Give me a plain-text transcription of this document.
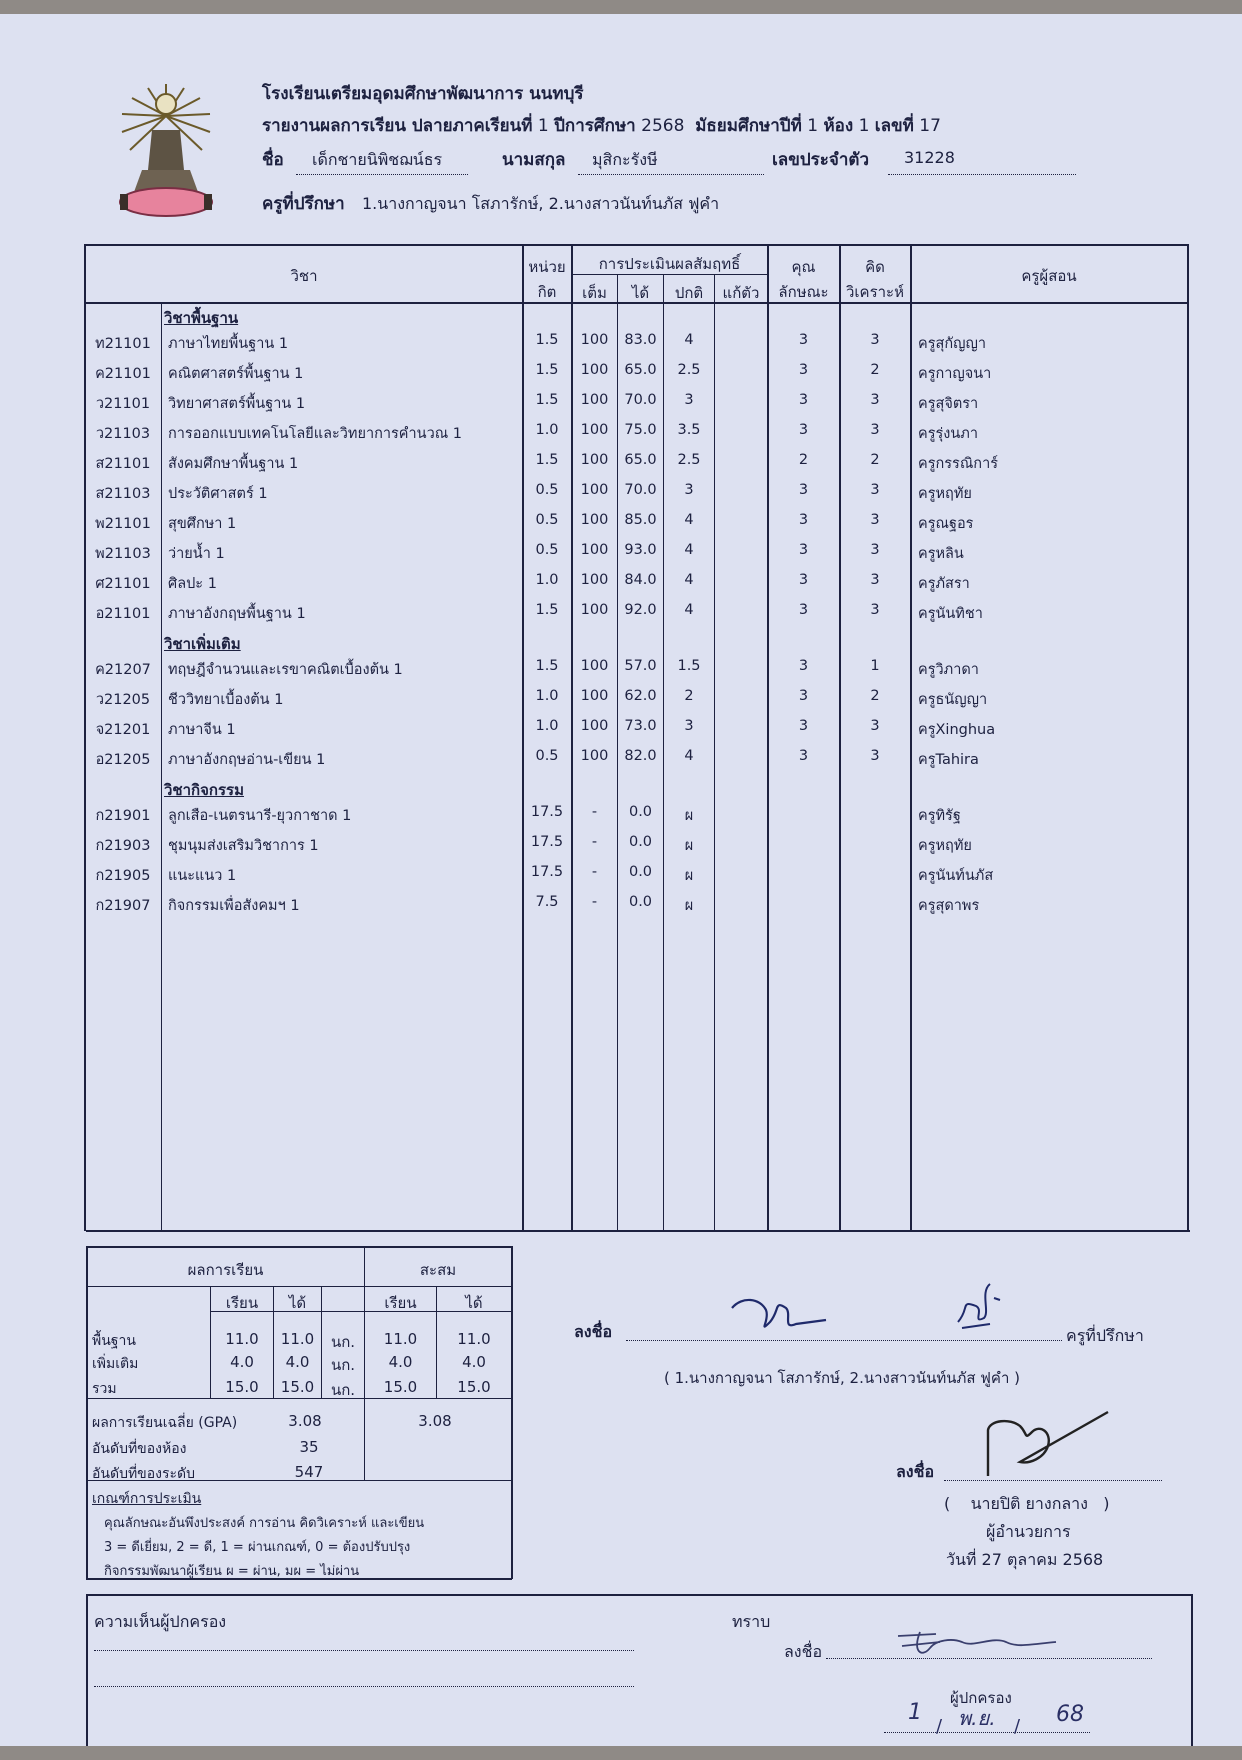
โรงเรียนเตรียมอุดมศึกษาพัฒนาการ นนทบุรี
รายงานผลการเรียน ปลายภาคเรียนที่ 1 ปีการศึกษา 2568 มัธยมศึกษาปีที่ 1 ห้อง 1 เลขที่ 17
ชื่อ เด็กชายนิพิชฌน์ธร	นามสกุล มุสิกะรังษี	เลขประจำตัว 31228
ครูที่ปรึกษา 1.นางกาญจนา โสภารักษ์, 2.นางสาวนันท์นภัส ฟูคำ
วิชา	หน่วย
กิต
การประเมินผลสัมฤทธิ์
เต็ม	ได้	ปกติ	แก้ตัว
คุณ
ลักษณะ
คิด
วิเคราะห์
ครูผู้สอน
วิชาพื้นฐาน
ท21101	ภาษาไทยพื้นฐาน 1	1.5	100	83.0	4	3	3	ครูสุกัญญา
ค21101	คณิตศาสตร์พื้นฐาน 1	1.5	100	65.0	2.5	3	2	ครูกาญจนา
ว21101	วิทยาศาสตร์พื้นฐาน 1	1.5	100	70.0	3	3	3	ครูสุจิตรา
ว21103	การออกแบบเทคโนโลยีและวิทยาการคำนวณ 1	1.0	100	75.0	3.5	3	3	ครูรุ่งนภา
ส21101	สังคมศึกษาพื้นฐาน 1	1.5	100	65.0	2.5	2	2	ครูกรรณิการ์
ส21103	ประวัติศาสตร์ 1	0.5	100	70.0	3	3	3	ครูหฤทัย
พ21101	สุขศึกษา 1	0.5	100	85.0	4	3	3	ครูณฐอร
พ21103	ว่ายน้ำ 1	0.5	100	93.0	4	3	3	ครูหลิน
ศ21101	ศิลปะ 1	1.0	100	84.0	4	3	3	ครูภัสรา
อ21101	ภาษาอังกฤษพื้นฐาน 1	1.5	100	92.0	4	3	3	ครูนันทิชา
วิชาเพิ่มเติม
ค21207	ทฤษฎีจำนวนและเรขาคณิตเบื้องต้น 1	1.5	100	57.0	1.5	3	1	ครูวิภาดา
ว21205	ชีววิทยาเบื้องต้น 1	1.0	100	62.0	2	3	2	ครูธนัญญา
จ21201	ภาษาจีน 1	1.0	100	73.0	3	3	3	ครูXinghua
อ21205	ภาษาอังกฤษอ่าน-เขียน 1	0.5	100	82.0	4	3	3	ครูTahira
วิชากิจกรรม
ก21901	ลูกเสือ-เนตรนารี-ยุวกาชาด 1	17.5	-	0.0	ผ	ครูทิรัฐ
ก21903	ชุมนุมส่งเสริมวิชาการ 1	17.5	-	0.0	ผ	ครูหฤทัย
ก21905	แนะแนว 1	17.5	-	0.0	ผ	ครูนันท์นภัส
ก21907	กิจกรรมเพื่อสังคมฯ 1	7.5	-	0.0	ผ	ครูสุดาพร
ผลการเรียน	สะสม
เรียน	ได้	เรียน	ได้
พื้นฐาน	11.0	11.0	นก.	11.0	11.0
เพิ่มเติม	4.0	4.0	นก.	4.0	4.0
รวม	15.0	15.0	นก.	15.0	15.0
ผลการเรียนเฉลี่ย (GPA)	3.08	3.08
อันดับที่ของห้อง	35
อันดับที่ของระดับ	547
เกณฑ์การประเมิน
คุณลักษณะอันพึงประสงค์ การอ่าน คิดวิเคราะห์ และเขียน
3 = ดีเยี่ยม, 2 = ดี, 1 = ผ่านเกณฑ์, 0 = ต้องปรับปรุง
กิจกรรมพัฒนาผู้เรียน ผ = ผ่าน, มผ = ไม่ผ่าน
ลงชื่อ	ครูที่ปรึกษา
( 1.นางกาญจนา โสภารักษ์, 2.นางสาวนันท์นภัส ฟูคำ )
ลงชื่อ
(    นายปิติ ยางกลาง   )
ผู้อำนวยการ
วันที่ 27 ตุลาคม 2568
ความเห็นผู้ปกครอง	ทราบ
ลงชื่อ
ผู้ปกครอง
1
/ พ.ย. / 68
